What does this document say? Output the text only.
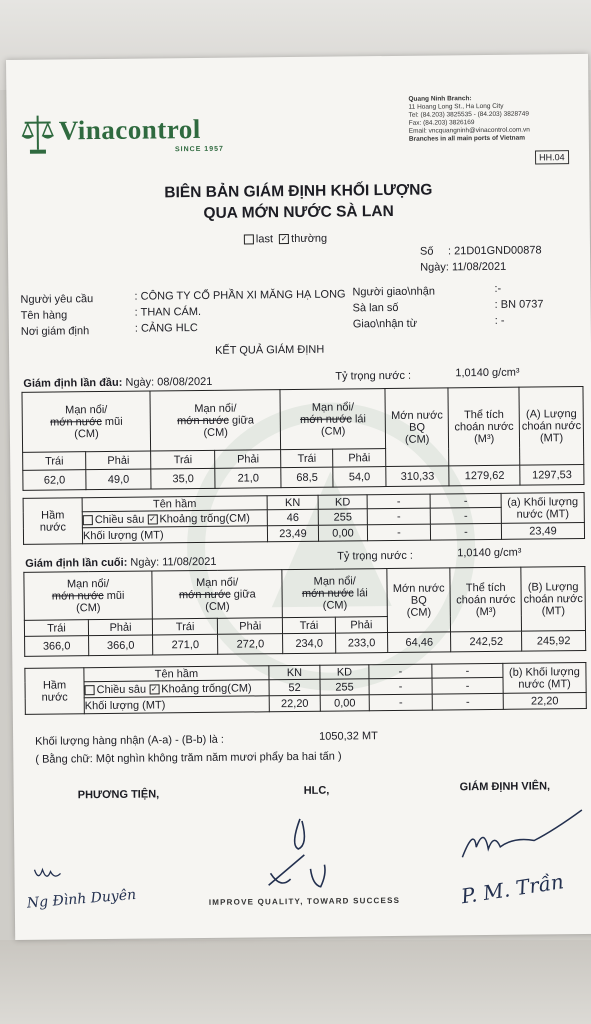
Vinacontrol
SINCE 1957
Quang Ninh Branch:
11 Hoang Long St., Ha Long City
Tel: (84.203) 3825535 - (84.203) 3828749
Fax: (84.203) 3826169
Email: vncquangninh@vinacontrol.com.vn
Branches in all main ports of Vietnam
HH.04
BIÊN BẢN GIÁM ĐỊNH KHỐI LƯỢNG
QUA MỚN NƯỚC SÀ LAN
last ✓ thường
Số : 21D01GND00878
Ngày: 11/08/2021
Người yêu cầu	: CÔNG TY CỔ PHẦN XI MĂNG HẠ LONG
Tên hàng	: THAN CÁM.
Nơi giám định	: CẢNG HLC
Người giao\nhận	:-
Sà lan số	: BN 0737
Giao\nhận từ	: -
KẾT QUẢ GIÁM ĐỊNH
Giám định lần đầu: Ngày: 08/08/2021	Tỷ trọng nước :	1,0140 g/cm³
Mạn nổi/
mớn nước mũi
(CM)		Mạn nổi/
mớn nước giữa
(CM)		Mạn nổi/
mớn nước lái
(CM)		Mớn nước
BQ
(CM)	Thể tích
choán nước
(M³)	(A) Lượng
choán nước
(MT)
Trái	Phải	Trái	Phải	Trái	Phải			
62,0	49,0	35,0	21,0	68,5	54,0	310,33	1279,62	1297,53
Hầm
nước	Tên hầm	KN	KD	-	-	(a) Khối lượng
nước (MT)
	Chiều sâu ✓ Khoảng trống(CM)	46	255	-	-	
	Khối lượng (MT)	23,49	0,00	-	-	23,49
Giám định lần cuối: Ngày: 11/08/2021	Tỷ trọng nước :	1,0140 g/cm³
Mạn nổi/
mớn nước mũi
(CM)		Mạn nổi/
mớn nước giữa
(CM)		Mạn nổi/
mớn nước lái
(CM)		Mớn nước
BQ
(CM)	Thể tích
choán nước
(M³)	(B) Lượng
choán nước
(MT)
Trái	Phải	Trái	Phải	Trái	Phải			
366,0	366,0	271,0	272,0	234,0	233,0	64,46	242,52	245,92
Hầm
nước	Tên hầm	KN	KD	-	-	(b) Khối lượng
nước (MT)
	Chiều sâu ✓ Khoảng trống(CM)	52	255	-	-	
	Khối lượng (MT)	22,20	0,00	-	-	22,20
Khối lượng hàng nhận (A-a) - (B-b) là :	1050,32 MT
( Bằng chữ: Một nghìn không trăm năm mươi phẩy ba hai tấn )
PHƯƠNG TIỆN,	HLC,	GIÁM ĐỊNH VIÊN,
Ng Đình Duyên	P. M. Trần
IMPROVE QUALITY, TOWARD SUCCESS
